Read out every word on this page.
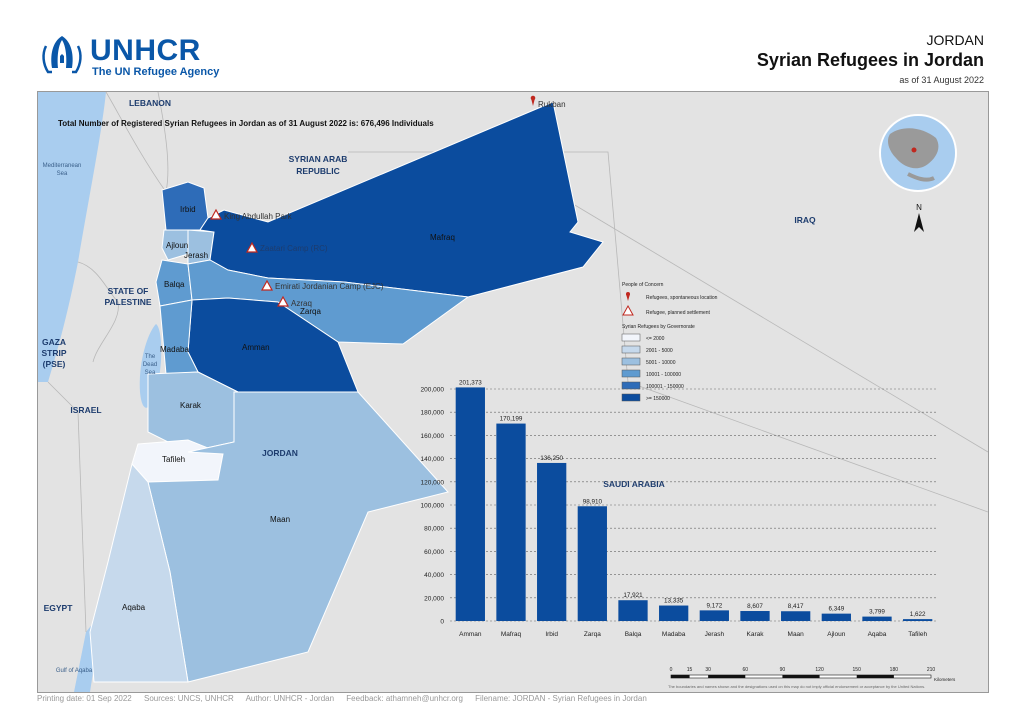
UNHCR
The UN Refugee Agency
JORDAN
Syrian Refugees in Jordan
as of 31 August 2022
Irbid
Ajloun
Jerash
Mafraq
Balqa
Zarqa
Amman
Madaba
Karak
Tafileh
Maan
Aqaba
Mediterranean
Sea
The
Dead
Sea
Gulf of Aqaba
LEBANON
SYRIAN ARAB
REPUBLIC
IRAQ
STATE OF
PALESTINE
GAZA
STRIP
(PSE)
ISRAEL
JORDAN
SAUDI ARABIA
EGYPT
Total Number of Registered Syrian Refugees in Jordan as of 31 August 2022 is: 676,496 Individuals
Rukban
King Abdullah Park
Zaatari Camp (RC)
Emirati Jordanian Camp (EJC)
Azraq
N
People of Concern
Refugees, spontaneous location
Refugee, planned settlement
Syrian Refugees by Governorate
<= 2000
2001 - 5000
5001 - 10000
10001 - 100000
100001 - 150000
>= 150000
0
20,000
40,000
60,000
80,000
100,000
120,000
140,000
160,000
180,000
200,000
201,373
Amman
170,199
Mafraq
136,250
Irbid
98,910
Zarqa
17,921
Balqa
13,335
Madaba
9,172
Jerash
8,607
Karak
8,417
Maan
6,349
Ajloun
3,799
Aqaba
1,622
Tafileh
Kilometers
0	15	30	60	90	120	150	180	210
The boundaries and names shown and the designations used on this map do not imply official endorsement or acceptance by the United Nations.
Printing date: 01 Sep 2022 Sources: UNCS, UNHCR Author: UNHCR - Jordan Feedback: athamneh@unhcr.org Filename: JORDAN - Syrian Refugees in Jordan
